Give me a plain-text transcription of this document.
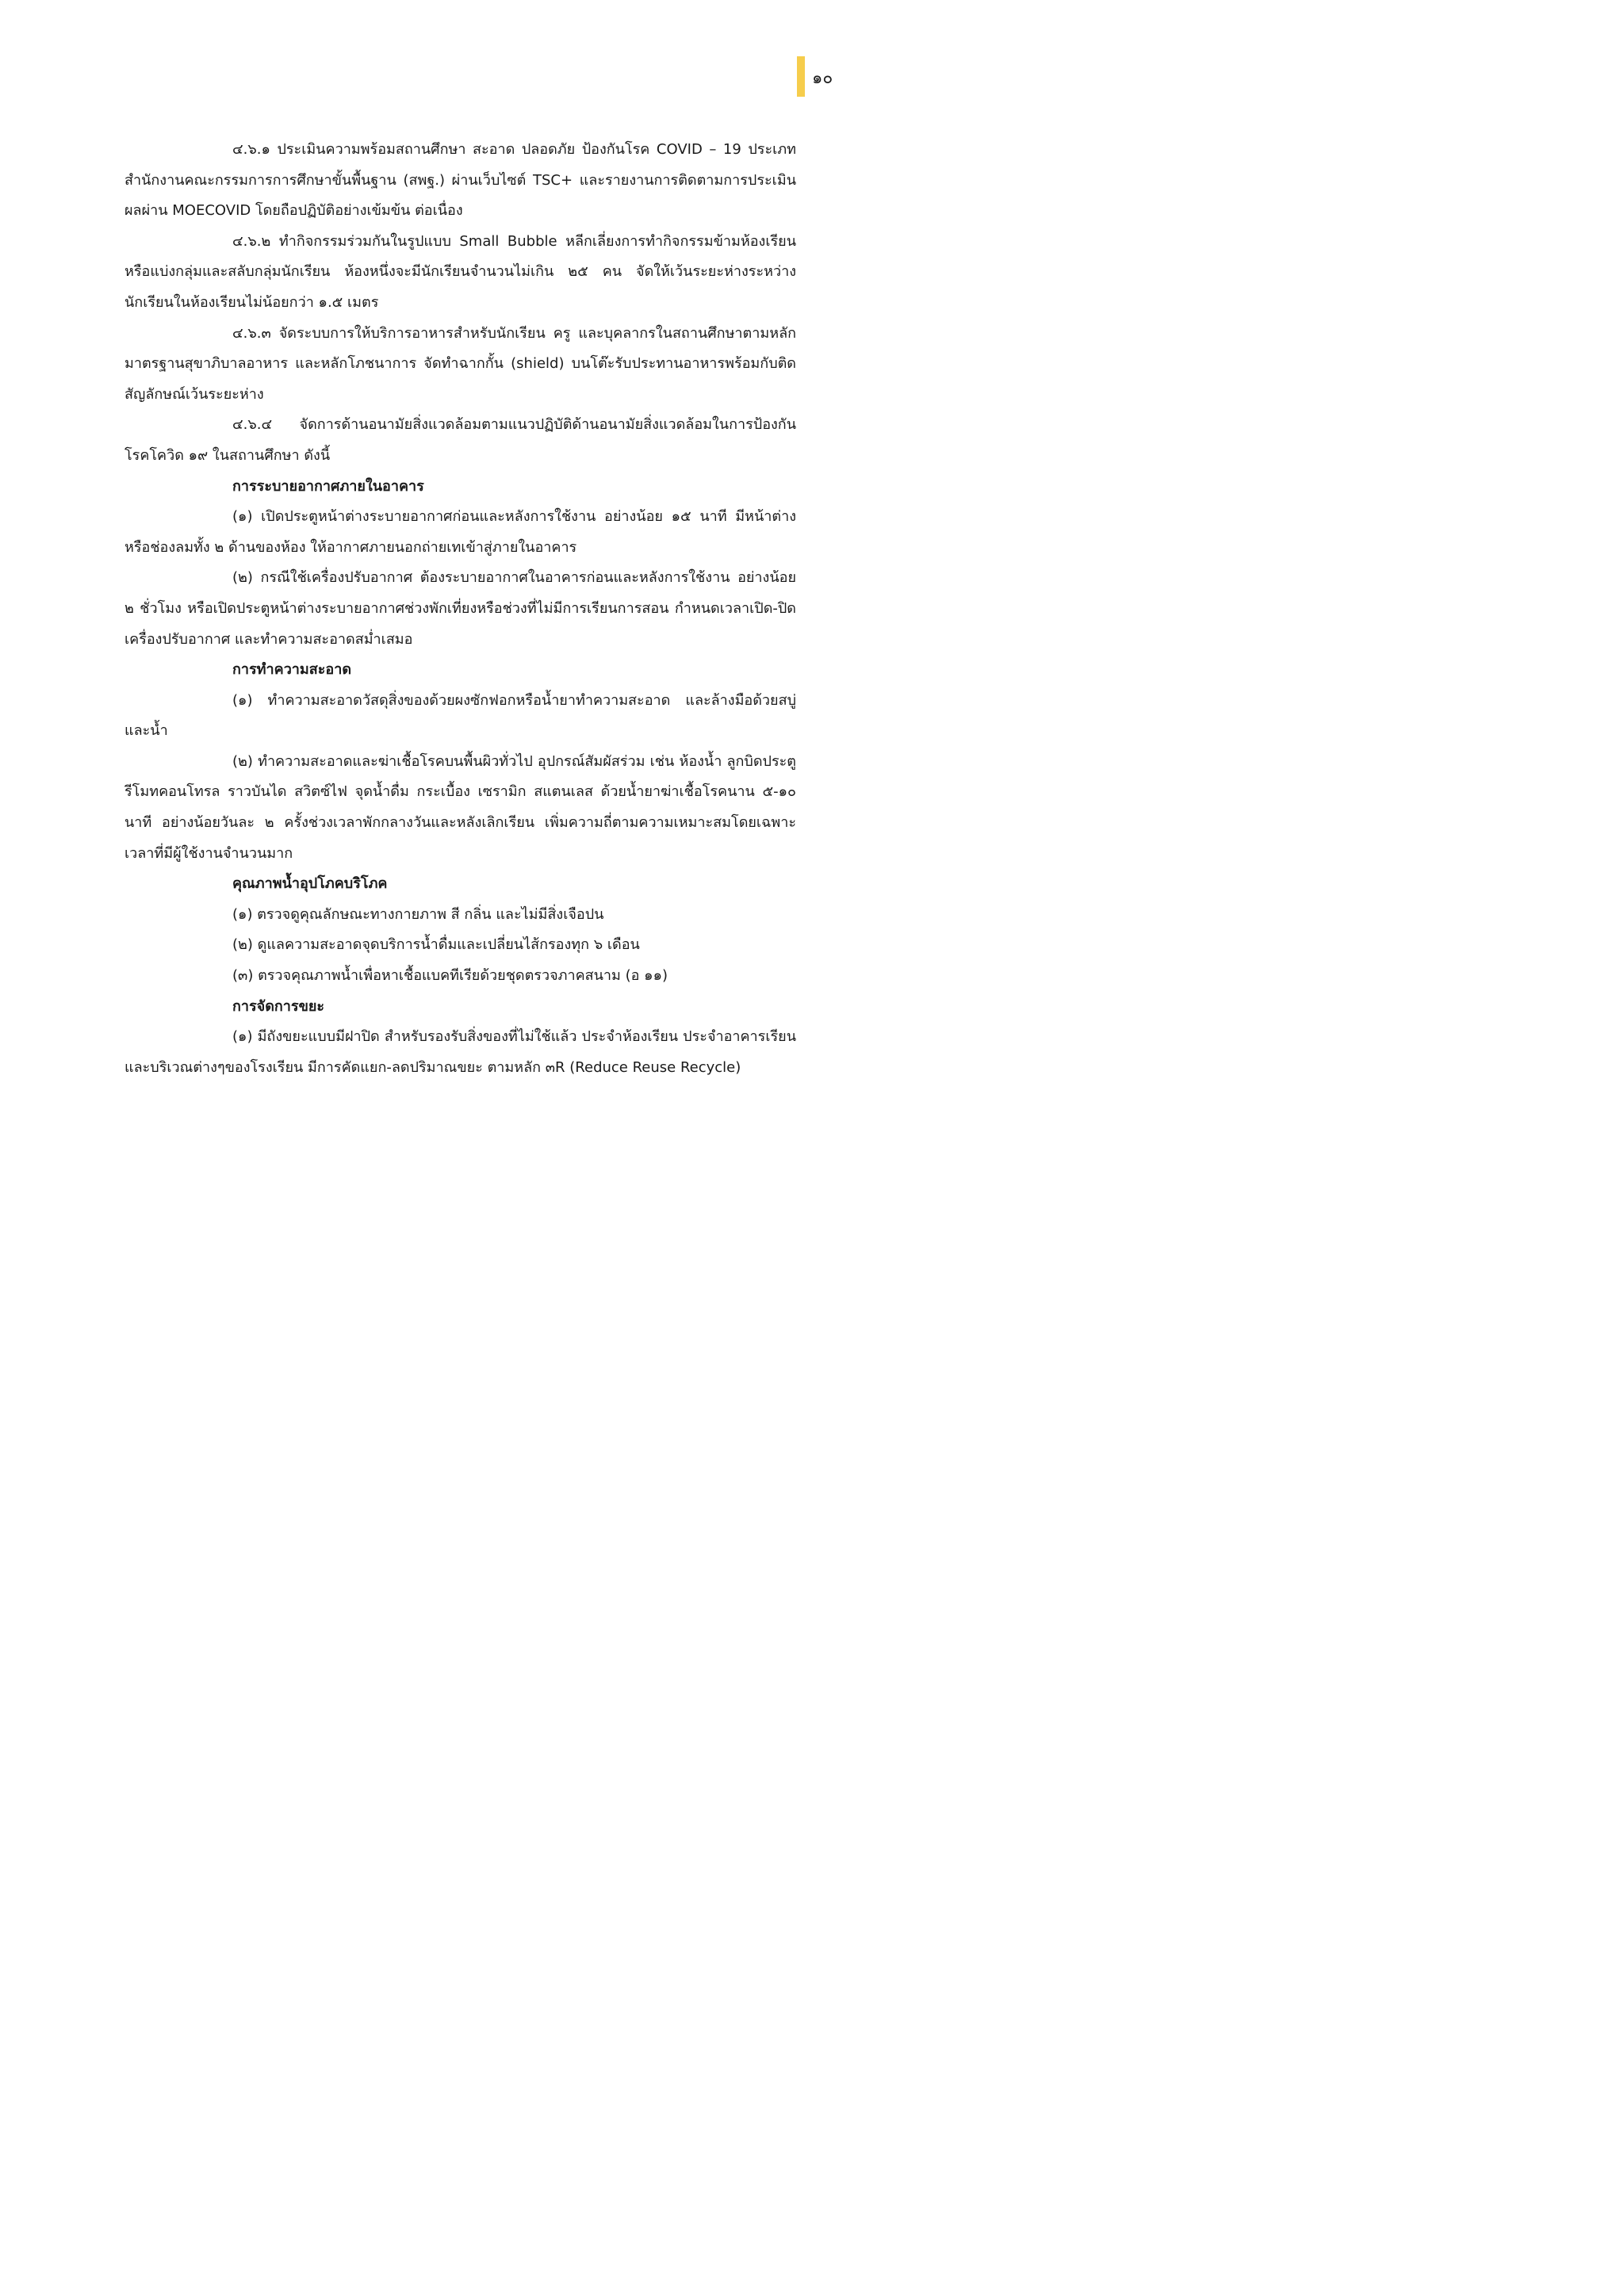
๑๐

๔.๖.๑ ประเมินความพร้อมสถานศึกษา สะอาด ปลอดภัย ป้องกันโรค COVID – 19 ประเภท สำนักงานคณะกรรมการการศึกษาขั้นพื้นฐาน (สพฐ.) ผ่านเว็บไซต์ TSC+ และรายงานการติดตามการประเมินผลผ่าน MOECOVID โดยถือปฏิบัติอย่างเข้มข้น ต่อเนื่อง

๔.๖.๒ ทำกิจกรรมร่วมกันในรูปแบบ Small Bubble หลีกเลี่ยงการทำกิจกรรมข้ามห้องเรียน หรือแบ่งกลุ่มและสลับกลุ่มนักเรียน ห้องหนึ่งจะมีนักเรียนจำนวนไม่เกิน ๒๕ คน จัดให้เว้นระยะห่างระหว่างนักเรียนในห้องเรียนไม่น้อยกว่า ๑.๕ เมตร

๔.๖.๓ จัดระบบการให้บริการอาหารสำหรับนักเรียน ครู และบุคลากรในสถานศึกษาตามหลักมาตรฐานสุขาภิบาลอาหาร และหลักโภชนาการ จัดทำฉากกั้น (shield) บนโต๊ะรับประทานอาหารพร้อมกับติดสัญลักษณ์เว้นระยะห่าง

๔.๖.๔ จัดการด้านอนามัยสิ่งแวดล้อมตามแนวปฏิบัติด้านอนามัยสิ่งแวดล้อมในการป้องกันโรคโควิด ๑๙ ในสถานศึกษา ดังนี้

การระบายอากาศภายในอาคาร

(๑) เปิดประตูหน้าต่างระบายอากาศก่อนและหลังการใช้งาน อย่างน้อย ๑๕ นาที มีหน้าต่างหรือช่องลมทั้ง ๒ ด้านของห้อง ให้อากาศภายนอกถ่ายเทเข้าสู่ภายในอาคาร

(๒) กรณีใช้เครื่องปรับอากาศ ต้องระบายอากาศในอาคารก่อนและหลังการใช้งาน อย่างน้อย ๒ ชั่วโมง หรือเปิดประตูหน้าต่างระบายอากาศช่วงพักเที่ยงหรือช่วงที่ไม่มีการเรียนการสอน กำหนดเวลาเปิด-ปิดเครื่องปรับอากาศ และทำความสะอาดสม่ำเสมอ

การทำความสะอาด

(๑) ทำความสะอาดวัสดุสิ่งของด้วยผงซักฟอกหรือน้ำยาทำความสะอาด และล้างมือด้วยสบู่และน้ำ

(๒) ทำความสะอาดและฆ่าเชื้อโรคบนพื้นผิวทั่วไป อุปกรณ์สัมผัสร่วม เช่น ห้องน้ำ ลูกบิดประตู รีโมทคอนโทรล ราวบันได สวิตซ์ไฟ จุดน้ำดื่ม กระเบื้อง เซรามิก สแตนเลส ด้วยน้ำยาฆ่าเชื้อโรคนาน ๕-๑๐ นาที อย่างน้อยวันละ ๒ ครั้งช่วงเวลาพักกลางวันและหลังเลิกเรียน เพิ่มความถี่ตามความเหมาะสมโดยเฉพาะเวลาที่มีผู้ใช้งานจำนวนมาก

คุณภาพน้ำอุปโภคบริโภค

(๑) ตรวจดูคุณลักษณะทางกายภาพ สี กลิ่น และไม่มีสิ่งเจือปน

(๒) ดูแลความสะอาดจุดบริการน้ำดื่มและเปลี่ยนไส้กรองทุก ๖ เดือน

(๓) ตรวจคุณภาพน้ำเพื่อหาเชื้อแบคทีเรียด้วยชุดตรวจภาคสนาม (อ ๑๑)

การจัดการขยะ

(๑) มีถังขยะแบบมีฝาปิด สำหรับรองรับสิ่งของที่ไม่ใช้แล้ว ประจำห้องเรียน ประจำอาคารเรียน และบริเวณต่างๆของโรงเรียน มีการคัดแยก-ลดปริมาณขยะ ตามหลัก ๓R (Reduce Reuse Recycle)
